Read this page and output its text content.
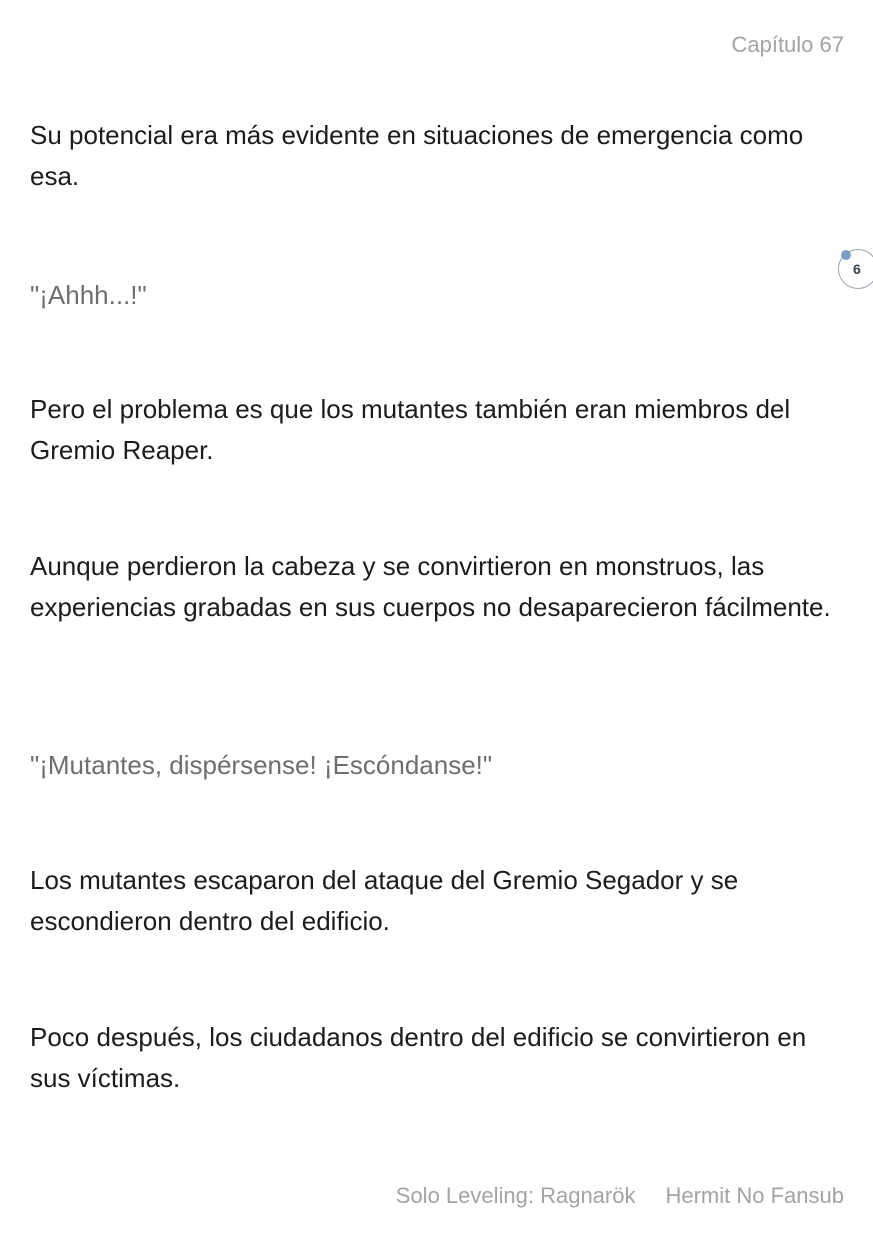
Capítulo 67

Su potencial era más evidente en situaciones de emergencia como esa.

"¡Ahhh...!"

Pero el problema es que los mutantes también eran miembros del Gremio Reaper.

Aunque perdieron la cabeza y se convirtieron en monstruos, las experiencias grabadas en sus cuerpos no desaparecieron fácilmente.

"¡Mutantes, dispérsense! ¡Escóndanse!"

Los mutantes escaparon del ataque del Gremio Segador y se escondieron dentro del edificio.

Poco después, los ciudadanos dentro del edificio se convirtieron en sus víctimas.

6
Solo Leveling: Ragnarök Hermit No Fansub
